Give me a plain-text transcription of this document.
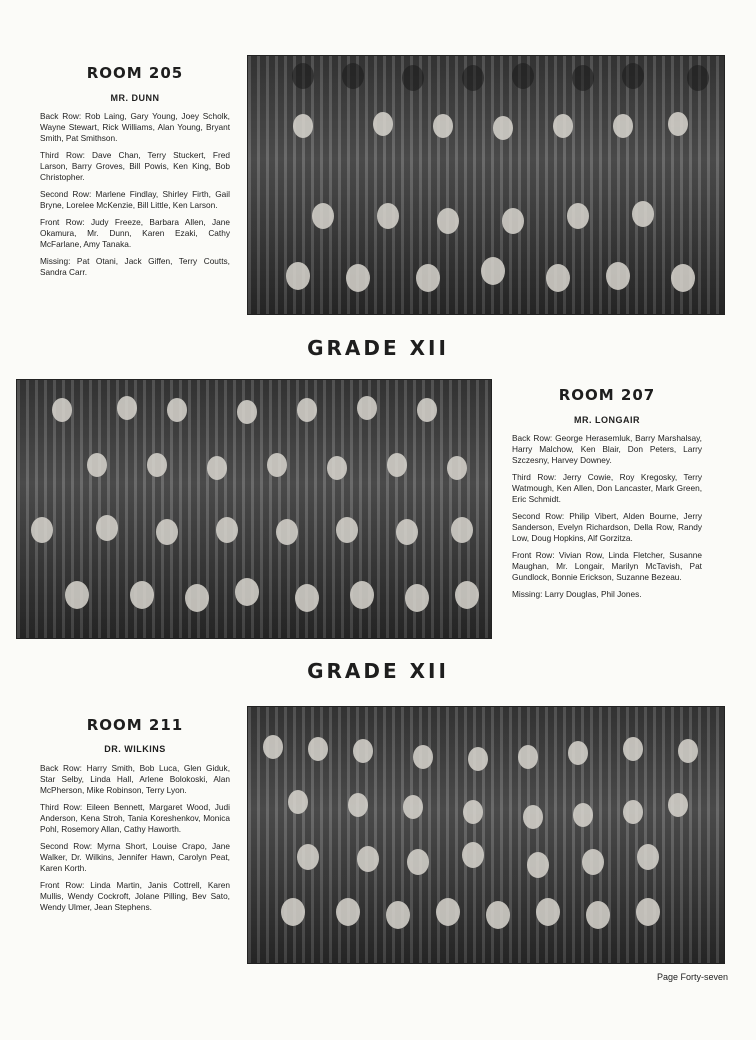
ROOM 205
MR. DUNN

Back Row: Rob Laing, Gary Young, Joey Scholk, Wayne Stewart, Rick Williams, Alan Young, Bryant Smith, Pat Smithson.

Third Row: Dave Chan, Terry Stuckert, Fred Larson, Barry Groves, Bill Powis, Ken King, Bob Christopher.

Second Row: Marlene Findlay, Shirley Firth, Gail Bryne, Lorelee McKenzie, Bill Little, Ken Larson.

Front Row: Judy Freeze, Barbara Allen, Jane Okamura, Mr. Dunn, Karen Ezaki, Cathy McFarlane, Amy Tanaka.

Missing: Pat Otani, Jack Giffen, Terry Coutts, Sandra Carr.

GRADE XII
ROOM 207
MR. LONGAIR

Back Row: George Herasemluk, Barry Marshalsay, Harry Malchow, Ken Blair, Don Peters, Larry Szczesny, Harvey Downey.

Third Row: Jerry Cowie, Roy Kregosky, Terry Watmough, Ken Allen, Don Lancaster, Mark Green, Eric Schmidt.

Second Row: Philip Vibert, Alden Bourne, Jerry Sanderson, Evelyn Richardson, Della Row, Randy Low, Doug Hopkins, Alf Gorzitza.

Front Row: Vivian Row, Linda Fletcher, Susanne Maughan, Mr. Longair, Marilyn McTavish, Pat Gundlock, Bonnie Erickson, Suzanne Bezeau.

Missing: Larry Douglas, Phil Jones.

GRADE XII
ROOM 211
DR. WILKINS

Back Row: Harry Smith, Bob Luca, Glen Giduk, Star Selby, Linda Hall, Arlene Bolokoski, Alan McPherson, Mike Robinson, Terry Lyon.

Third Row: Eileen Bennett, Margaret Wood, Judi Anderson, Kena Stroh, Tania Koreshenkov, Monica Pohl, Rosemory Allan, Cathy Haworth.

Second Row: Myrna Short, Louise Crapo, Jane Walker, Dr. Wilkins, Jennifer Hawn, Carolyn Peat, Karen Korth.

Front Row: Linda Martin, Janis Cottrell, Karen Mullis, Wendy Cockroft, Jolane Pilling, Bev Sato, Wendy Ulmer, Jean Stephens.

Page Forty-seven
